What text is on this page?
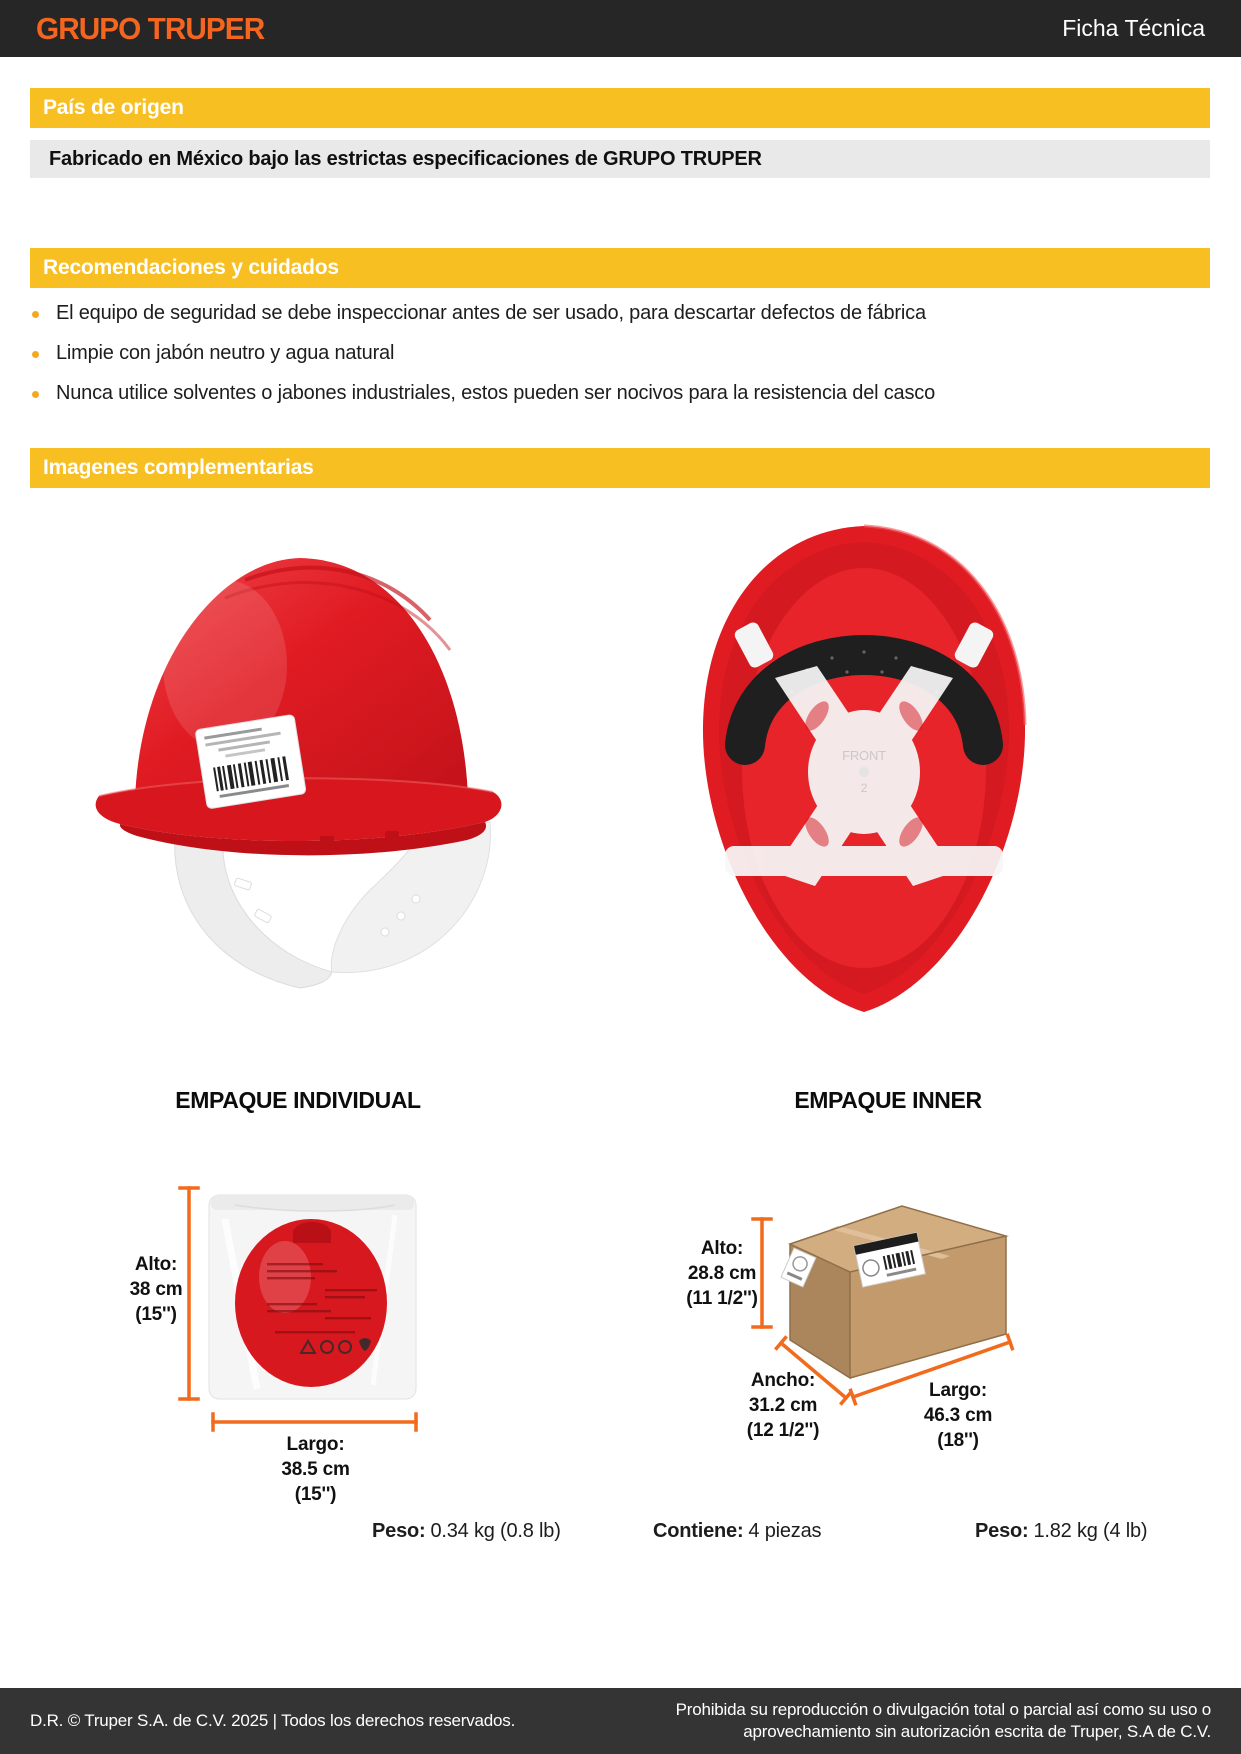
GRUPO TRUPER	Ficha Técnica
País de origen
Fabricado en México bajo las estrictas especificaciones de GRUPO TRUPER
Recomendaciones y cuidados
El equipo de seguridad se debe inspeccionar antes de ser usado, para descartar defectos de fábrica
Limpie con jabón neutro y agua natural
Nunca utilice solventes o jabones industriales, estos pueden ser nocivos para la resistencia del casco
Imagenes complementarias
FRONT
2
EMPAQUE INDIVIDUAL	EMPAQUE INNER
Alto:
38 cm
(15'')
Largo:
38.5 cm
(15'')
Alto:
28.8 cm
(11 1/2'')
Ancho:
31.2 cm
(12 1/2'')
Largo:
46.3 cm
(18'')
Peso: 0.34 kg (0.8 lb)	Contiene: 4 piezas	Peso: 1.82 kg (4 lb)
D.R. © Truper S.A. de C.V. 2025 | Todos los derechos reservados.
Prohibida su reproducción o divulgación total o parcial así como su uso o
aprovechamiento sin autorización escrita de Truper, S.A de C.V.
